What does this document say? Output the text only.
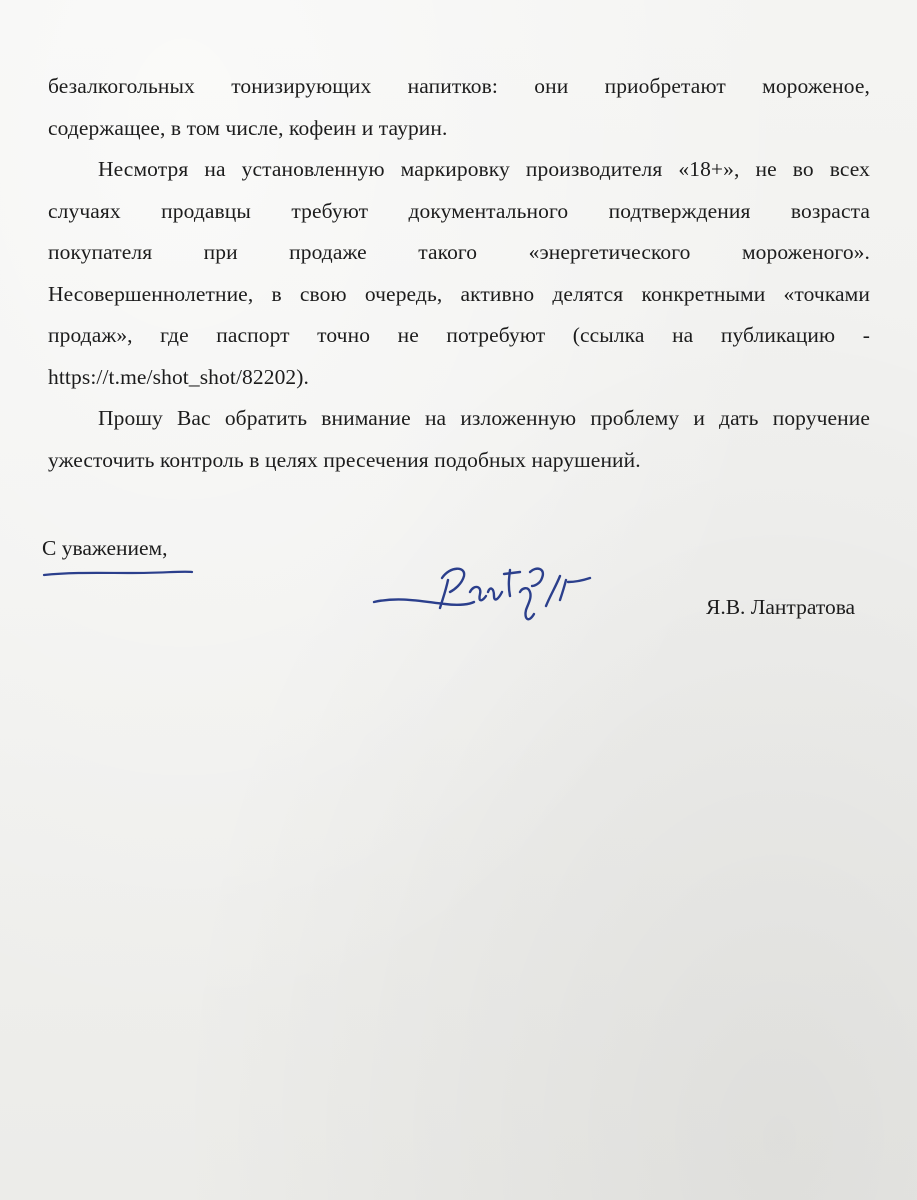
безалкогольных тонизирующих напитков: они приобретают мороженое,
содержащее, в том числе, кофеин и таурин.

Несмотря на установленную маркировку производителя «18+», не во всех
случаях продавцы требуют документального подтверждения возраста
покупателя при продаже такого «энергетического мороженого».
Несовершеннолетние, в свою очередь, активно делятся конкретными «точками
продаж», где паспорт точно не потребуют (ссылка на публикацию -
https://t.me/shot_shot/82202).

Прошу Вас обратить внимание на изложенную проблему и дать поручение
ужесточить контроль в целях пресечения подобных нарушений.

С уважением,
Я.В. Лантратова
